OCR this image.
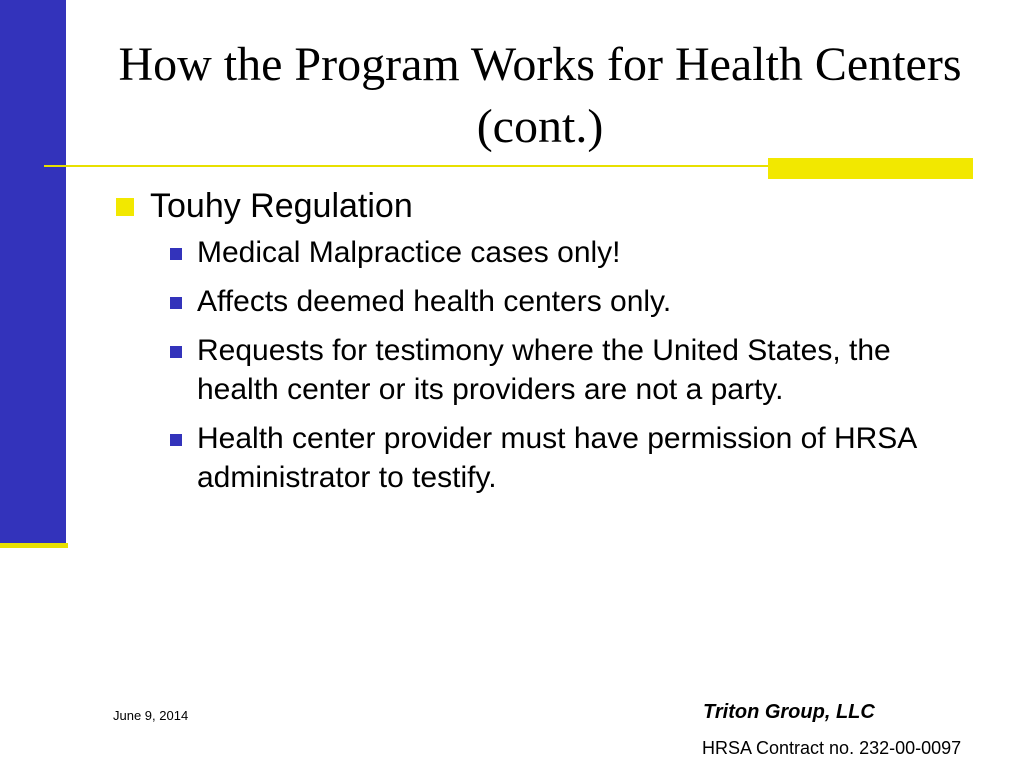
How the Program Works for Health Centers (cont.)
Touhy Regulation
Medical Malpractice cases only!
Affects deemed health centers only.
Requests for testimony where the United States, the health center or its providers are not a party.
Health center provider must have permission of HRSA administrator to testify.
June 9, 2014	Triton Group, LLC
HRSA Contract no. 232-00-0097
